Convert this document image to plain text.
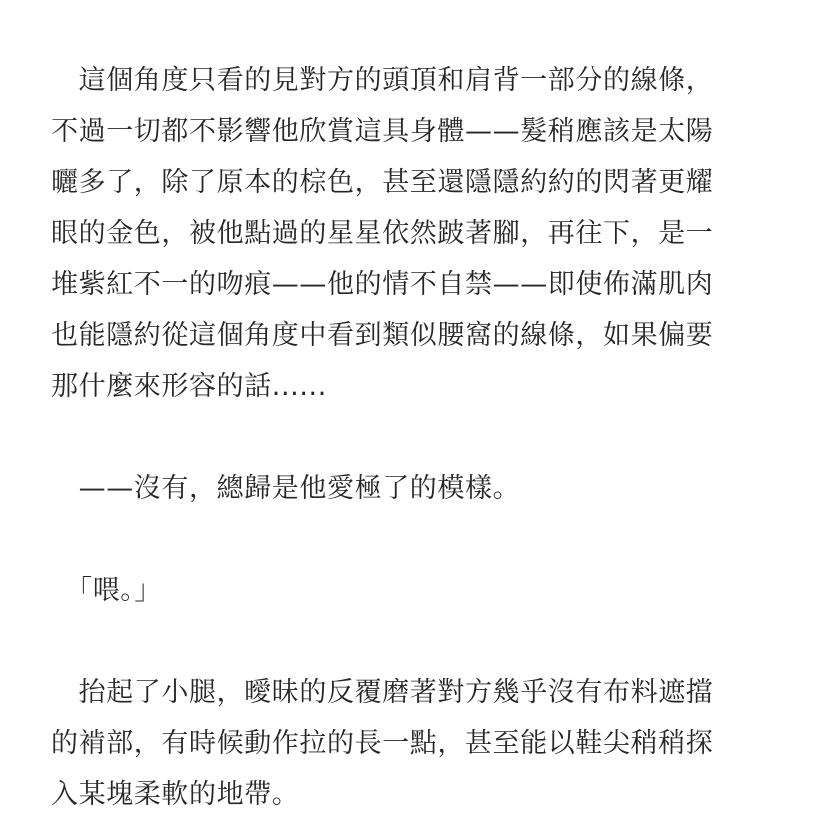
　這個角度只看的見對方的頭頂和肩背一部分的線條，
不過一切都不影響他欣賞這具身體——髮稍應該是太陽
曬多了，除了原本的棕色，甚至還隱隱約約的閃著更耀
眼的金色，被他點過的星星依然跛著腳，再往下，是一
堆紫紅不一的吻痕——他的情不自禁——即使佈滿肌肉
也能隱約從這個角度中看到類似腰窩的線條，如果偏要
那什麼來形容的話......
　——沒有，總歸是他愛極了的模樣。
　「喂。」
　抬起了小腿，曖昧的反覆磨著對方幾乎沒有布料遮擋
的褃部，有時候動作拉的長一點，甚至能以鞋尖稍稍探
入某塊柔軟的地帶。
